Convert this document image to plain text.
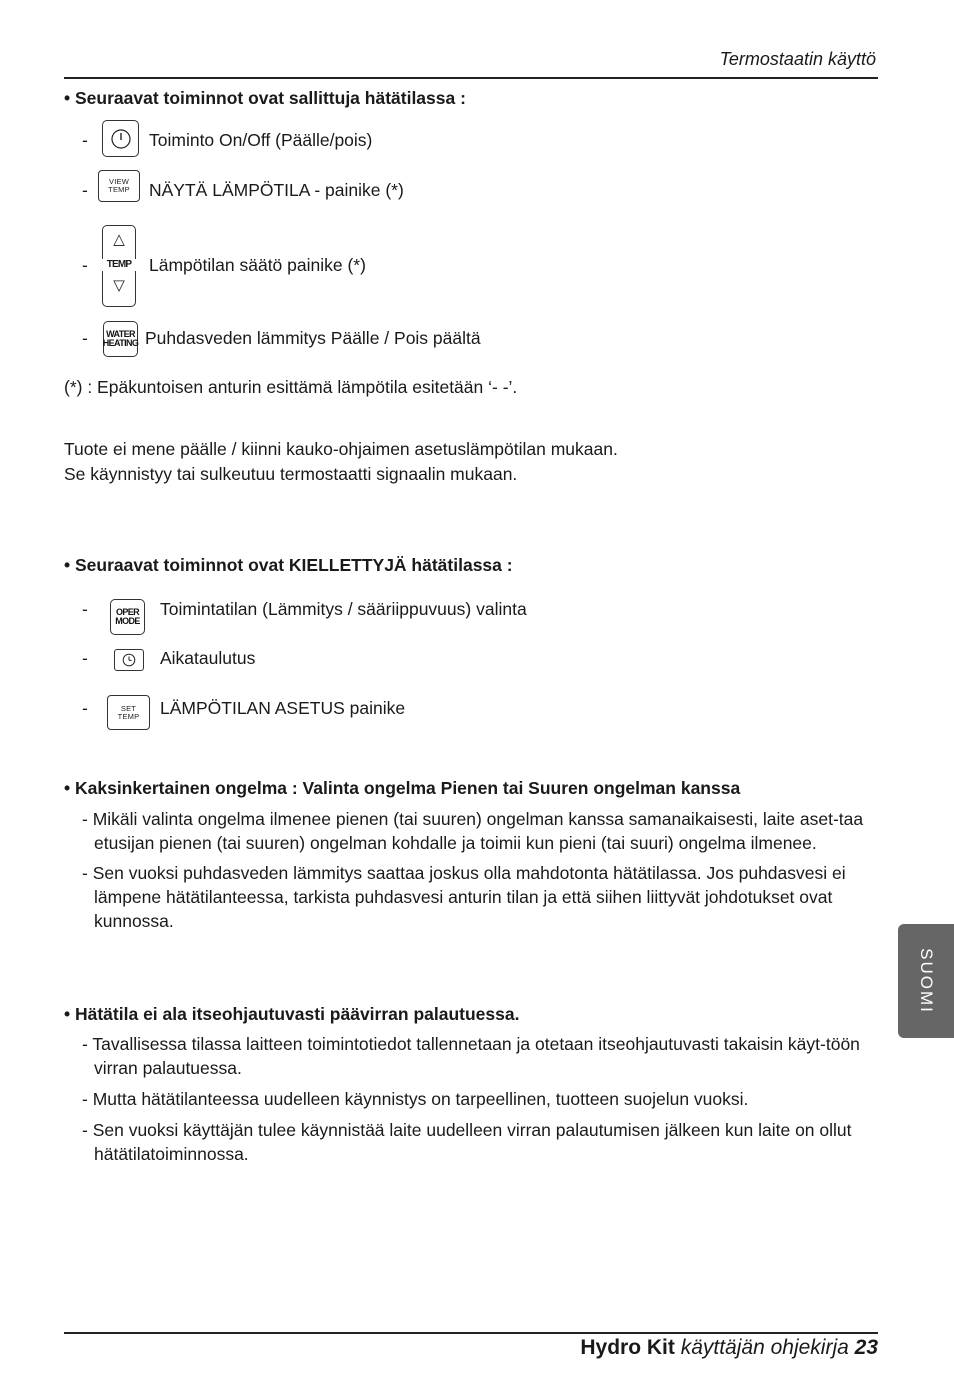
Termostaatin käyttö
• Seuraavat toiminnot ovat sallittuja hätätilassa :
-	Toiminto On/Off (Päälle/pois)
-	VIEW
TEMP NÄYTÄ LÄMPÖTILA - painike (*)
-
△
TEMP
▽
Lämpötilan säätö painike (*)
-	WATER
HEATING Puhdasveden lämmitys Päälle / Pois päältä
(*) : Epäkuntoisen anturin esittämä lämpötila esitetään ‘- -’.
Tuote ei mene päälle / kiinni kauko-ohjaimen asetuslämpötilan mukaan.
Se käynnistyy tai sulkeutuu termostaatti signaalin mukaan.
• Seuraavat toiminnot ovat KIELLETTYJÄ hätätilassa :
-	OPER
MODE
Toimintatilan (Lämmitys / sääriippuvuus) valinta
-	Aikataulutus
-	SET
TEMP LÄMPÖTILAN ASETUS painike
• Kaksinkertainen ongelma : Valinta ongelma Pienen tai Suuren ongelman kanssa
- Mikäli valinta ongelma ilmenee pienen (tai suuren) ongelman kanssa samanaikaisesti, laite aset-taa etusijan pienen (tai suuren) ongelman kohdalle ja toimii kun pieni (tai suuri) ongelma ilmenee.
- Sen vuoksi puhdasveden lämmitys saattaa joskus olla mahdotonta hätätilassa. Jos puhdasvesi ei lämpene hätätilanteessa, tarkista puhdasvesi anturin tilan ja että siihen liittyvät johdotukset ovat kunnossa.
• Hätätila ei ala itseohjautuvasti päävirran palautuessa.
- Tavallisessa tilassa laitteen toimintotiedot tallennetaan ja otetaan itseohjautuvasti takaisin käyt-töön virran palautuessa.
- Mutta hätätilanteessa uudelleen käynnistys on tarpeellinen, tuotteen suojelun vuoksi.
- Sen vuoksi käyttäjän tulee käynnistää laite uudelleen virran palautumisen jälkeen kun laite on ollut hätätilatoiminnossa.
SUOMI
Hydro Kit käyttäjän ohjekirja 23
